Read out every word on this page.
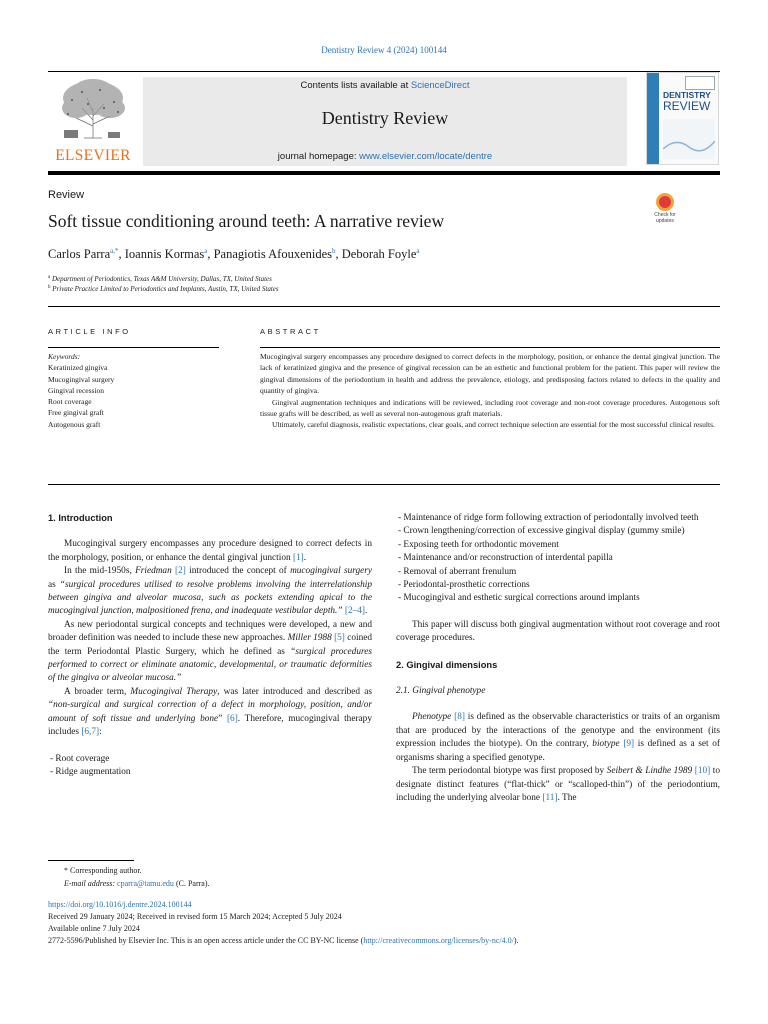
Dentistry Review 4 (2024) 100144
ELSEVIER
Contents lists available at ScienceDirect
Dentistry Review
journal homepage: www.elsevier.com/locate/dentre
DENTISTRY
REVIEW
Review
Soft tissue conditioning around teeth: A narrative review	Check for updates
Carlos Parra$^{a,*}$, Ioannis Kormas$^a$, Panagiotis Afouxenides$^b$, Deborah Foyle$^a$
$^a$ Department of Periodontics, Texas A&M University, Dallas, TX, United States
$^b$ Private Practice Limited to Periodontics and Implants, Austin, TX, United States
ARTICLE INFO	ABSTRACT
Keywords:
Keratinized gingiva
Mucogingival surgery
Gingival recession
Root coverage
Free gingival graft
Autogenous graft

Mucogingival surgery encompasses any procedure designed to correct defects in the morphology, position, or enhance the dental gingival junction. The lack of keratinized gingiva and the presence of gingival recession can be an esthetic and functional problem for the patient. This paper will review the gingival dimensions of the periodontium in health and address the prevalence, etiology, and predisposing factors related to defects in the quality and quantity of gingiva.

Gingival augmentation techniques and indications will be reviewed, including root coverage and non-root coverage procedures. Autogenous soft tissue grafts will be described, as well as several non-autogenous graft materials.

Ultimately, careful diagnosis, realistic expectations, clear goals, and correct technique selection are essential for the most successful clinical results.

1. Introduction

Mucogingival surgery encompasses any procedure designed to correct defects in the morphology, position, or enhance the dental gingival junction [1].

In the mid-1950s, Friedman [2] introduced the concept of mucogingival surgery as “surgical procedures utilised to resolve problems involving the interrelationship between gingiva and alveolar mucosa, such as pockets extending apical to the mucogingival junction, malpositioned frena, and inadequate vestibular depth.” [2–4].

As new periodontal surgical concepts and techniques were developed, a new and broader definition was needed to include these new approaches. Miller 1988 [5] coined the term Periodontal Plastic Surgery, which he defined as “surgical procedures performed to correct or eliminate anatomic, developmental, or traumatic deformities of the gingiva or alveolar mucosa.”

A broader term, Mucogingival Therapy, was later introduced and described as “non-surgical and surgical correction of a defect in morphology, position, and/or amount of soft tissue and underlying bone” [6]. Therefore, mucogingival therapy includes [6,7]:

- Root coverage
- Ridge augmentation
- Maintenance of ridge form following extraction of periodontally involved teeth
- Crown lengthening/correction of excessive gingival display (gummy smile)
- Exposing teeth for orthodontic movement
- Maintenance and/or reconstruction of interdental papilla
- Removal of aberrant frenulum
- Periodontal-prosthetic corrections
- Mucogingival and esthetic surgical corrections around implants

This paper will discuss both gingival augmentation without root coverage and root coverage procedures.

2. Gingival dimensions

2.1. Gingival phenotype

Phenotype [8] is defined as the observable characteristics or traits of an organism that are produced by the interactions of the genotype and the environment (its expression includes the biotype). On the contrary, biotype [9] is defined as a set of organisms sharing a specified genotype.

The term periodontal biotype was first proposed by Seibert & Lindhe 1989 [10] to designate distinct features (“flat-thick” or “scalloped-thin”) of the periodontium, including the underlying alveolar bone [11]. The

* Corresponding author.
E-mail address: cparra@tamu.edu (C. Parra).
https://doi.org/10.1016/j.dentre.2024.100144
Received 29 January 2024; Received in revised form 15 March 2024; Accepted 5 July 2024
Available online 7 July 2024
2772-5596/Published by Elsevier Inc. This is an open access article under the CC BY-NC license (http://creativecommons.org/licenses/by-nc/4.0/).
